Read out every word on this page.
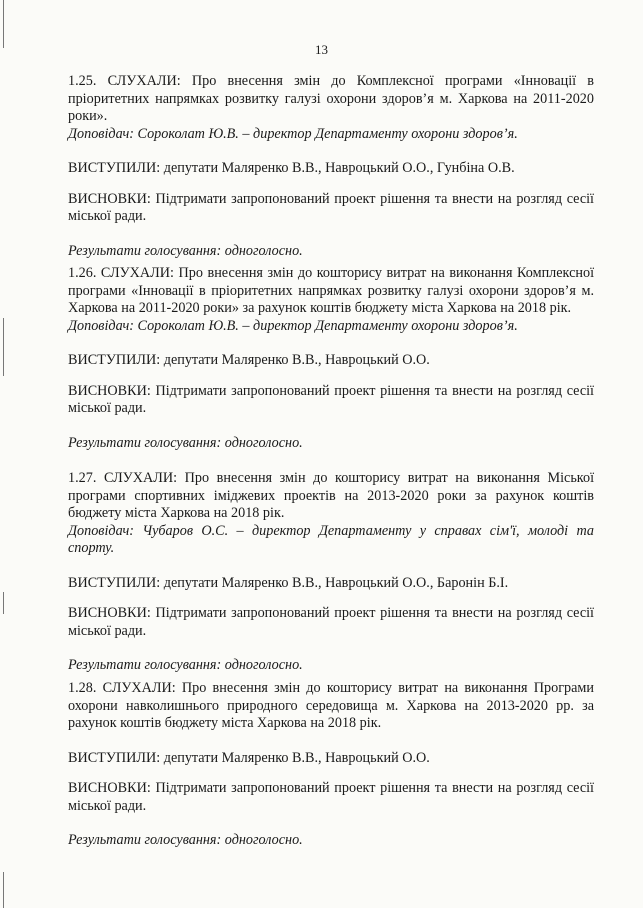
13

1.25. СЛУХАЛИ: Про внесення змін до Комплексної програми «Інновації в пріоритетних напрямках розвитку галузі охорони здоров’я м. Харкова на 2011-2020 роки».

Доповідач: Сороколат Ю.В. – директор Департаменту охорони здоров’я.

ВИСТУПИЛИ: депутати Маляренко В.В., Навроцький О.О., Гунбіна О.В.

ВИСНОВКИ: Підтримати запропонований проект рішення та внести на розгляд сесії міської ради.

Результати голосування: одноголосно.

1.26. СЛУХАЛИ: Про внесення змін до кошторису витрат на виконання Комплексної програми «Інновації в пріоритетних напрямках розвитку галузі охорони здоров’я м. Харкова на 2011-2020 роки» за рахунок коштів бюджету міста Харкова на 2018 рік.

Доповідач: Сороколат Ю.В. – директор Департаменту охорони здоров’я.

ВИСТУПИЛИ: депутати Маляренко В.В., Навроцький О.О.

ВИСНОВКИ: Підтримати запропонований проект рішення та внести на розгляд сесії міської ради.

Результати голосування: одноголосно.

1.27. СЛУХАЛИ: Про внесення змін до кошторису витрат на виконання Міської програми спортивних іміджевих проектів на 2013-2020 роки за рахунок коштів бюджету міста Харкова на 2018 рік.

Доповідач: Чубаров О.С. – директор Департаменту у справах сім'ї, молоді та спорту.

ВИСТУПИЛИ: депутати Маляренко В.В., Навроцький О.О., Баронін Б.І.

ВИСНОВКИ: Підтримати запропонований проект рішення та внести на розгляд сесії міської ради.

Результати голосування: одноголосно.

1.28. СЛУХАЛИ: Про внесення змін до кошторису витрат на виконання Програми охорони навколишнього природного середовища м. Харкова на 2013-2020 рр. за рахунок коштів бюджету міста Харкова на 2018 рік.

ВИСТУПИЛИ: депутати Маляренко В.В., Навроцький О.О.

ВИСНОВКИ: Підтримати запропонований проект рішення та внести на розгляд сесії міської ради.

Результати голосування: одноголосно.
